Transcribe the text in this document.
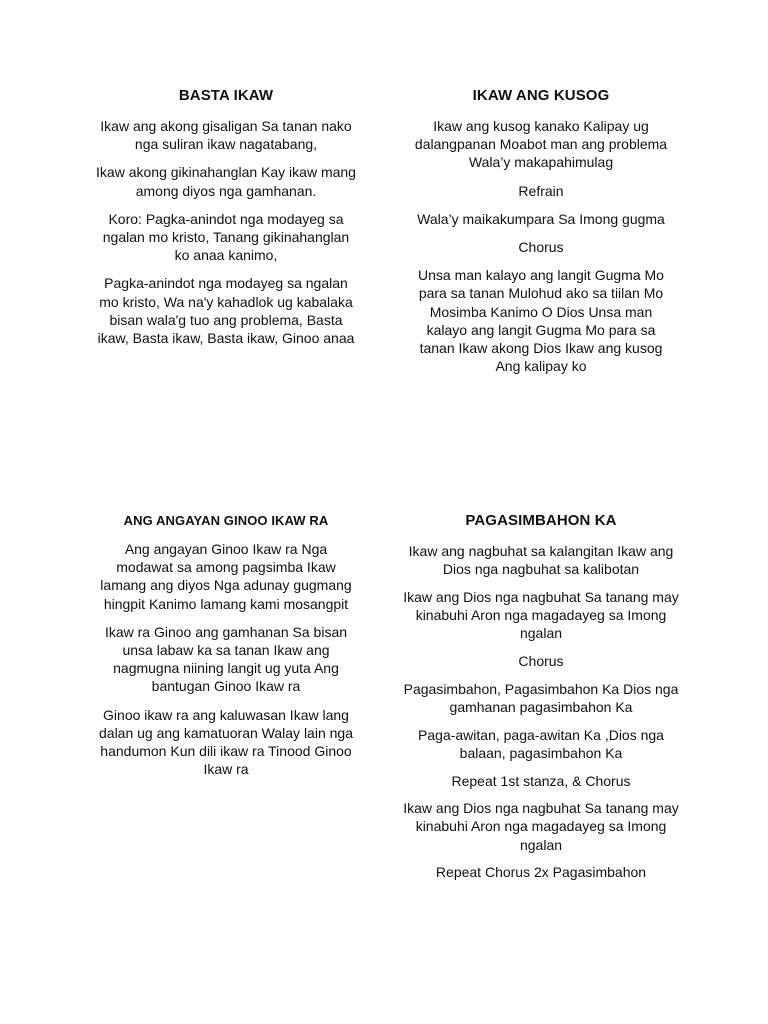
BASTA IKAW

Ikaw ang akong gisaligan Sa tanan nako nga suliran ikaw nagatabang,

Ikaw akong gikinahanglan Kay ikaw mang among diyos nga gamhanan.

Koro: Pagka-anindot nga modayeg sa ngalan mo kristo, Tanang gikinahanglan ko anaa kanimo,

Pagka-anindot nga modayeg sa ngalan mo kristo, Wa na'y kahadlok ug kabalaka bisan wala'g tuo ang problema, Basta ikaw, Basta ikaw, Basta ikaw, Ginoo anaa

IKAW ANG KUSOG

Ikaw ang kusog kanako Kalipay ug dalangpanan Moabot man ang problema Wala’y makapahimulag

Refrain

Wala’y maikakumpara Sa Imong gugma

Chorus

Unsa man kalayo ang langit Gugma Mo para sa tanan Mulohud ako sa tiilan Mo Mosimba Kanimo O Dios Unsa man kalayo ang langit Gugma Mo para sa tanan Ikaw akong Dios Ikaw ang kusog Ang kalipay ko

ANG ANGAYAN GINOO IKAW RA

Ang angayan Ginoo Ikaw ra Nga modawat sa among pagsimba Ikaw lamang ang diyos Nga adunay gugmang hingpit Kanimo lamang kami mosangpit

Ikaw ra Ginoo ang gamhanan Sa bisan unsa labaw ka sa tanan Ikaw ang nagmugna niining langit ug yuta Ang bantugan Ginoo Ikaw ra

Ginoo ikaw ra ang kaluwasan Ikaw lang dalan ug ang kamatuoran Walay lain nga handumon Kun dili ikaw ra Tinood Ginoo Ikaw ra

PAGASIMBAHON KA

Ikaw ang nagbuhat sa kalangitan Ikaw ang Dios nga nagbuhat sa kalibotan

Ikaw ang Dios nga nagbuhat Sa tanang may kinabuhi Aron nga magadayeg sa Imong ngalan

Chorus

Pagasimbahon, Pagasimbahon Ka Dios nga gamhanan pagasimbahon Ka

Paga-awitan, paga-awitan Ka ,Dios nga balaan, pagasimbahon Ka

Repeat 1st stanza, & Chorus

Ikaw ang Dios nga nagbuhat Sa tanang may kinabuhi Aron nga magadayeg sa Imong ngalan

Repeat Chorus 2x Pagasimbahon
